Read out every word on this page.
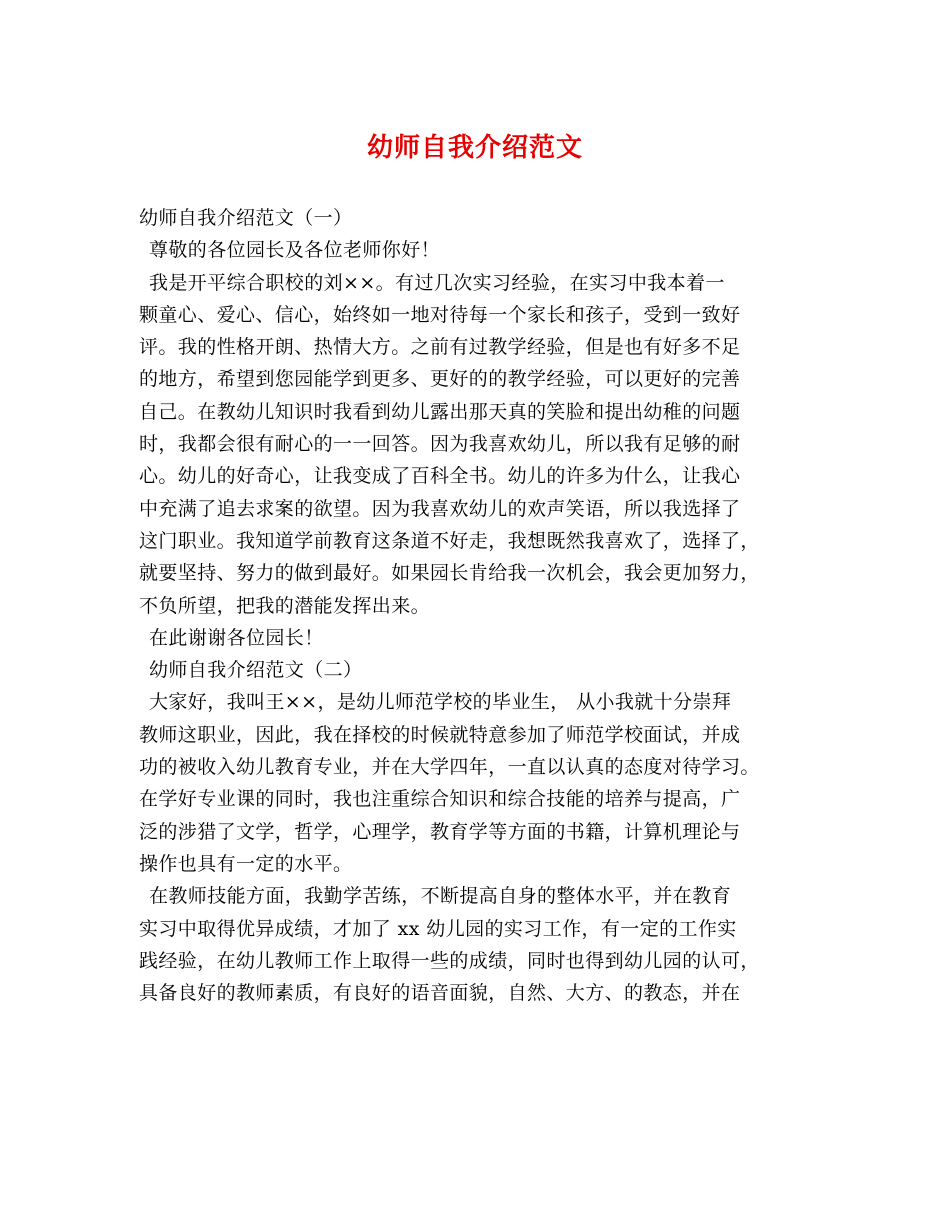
幼师自我介绍范文
幼师自我介绍范文（一）
尊敬的各位园长及各位老师你好！
我是开平综合职校的刘××。有过几次实习经验，在实习中我本着一
颗童心、爱心、信心，始终如一地对待每一个家长和孩子，受到一致好
评。我的性格开朗、热情大方。之前有过教学经验，但是也有好多不足
的地方，希望到您园能学到更多、更好的的教学经验，可以更好的完善
自己。在教幼儿知识时我看到幼儿露出那天真的笑脸和提出幼稚的问题
时，我都会很有耐心的一一回答。因为我喜欢幼儿，所以我有足够的耐
心。幼儿的好奇心，让我变成了百科全书。幼儿的许多为什么，让我心
中充满了追去求案的欲望。因为我喜欢幼儿的欢声笑语，所以我选择了
这门职业。我知道学前教育这条道不好走，我想既然我喜欢了，选择了，
就要坚持、努力的做到最好。如果园长肯给我一次机会，我会更加努力，
不负所望，把我的潜能发挥出来。
在此谢谢各位园长！
幼师自我介绍范文（二）
大家好，我叫王××，是幼儿师范学校的毕业生， 从小我就十分崇拜
教师这职业，因此，我在择校的时候就特意参加了师范学校面试，并成
功的被收入幼儿教育专业，并在大学四年，一直以认真的态度对待学习。
在学好专业课的同时，我也注重综合知识和综合技能的培养与提高，广
泛的涉猎了文学，哲学，心理学，教育学等方面的书籍，计算机理论与
操作也具有一定的水平。
在教师技能方面，我勤学苦练，不断提高自身的整体水平，并在教育
实习中取得优异成绩，才加了 xx 幼儿园的实习工作，有一定的工作实
践经验，在幼儿教师工作上取得一些的成绩，同时也得到幼儿园的认可，
具备良好的教师素质，有良好的语音面貌，自然、大方、的教态，并在
